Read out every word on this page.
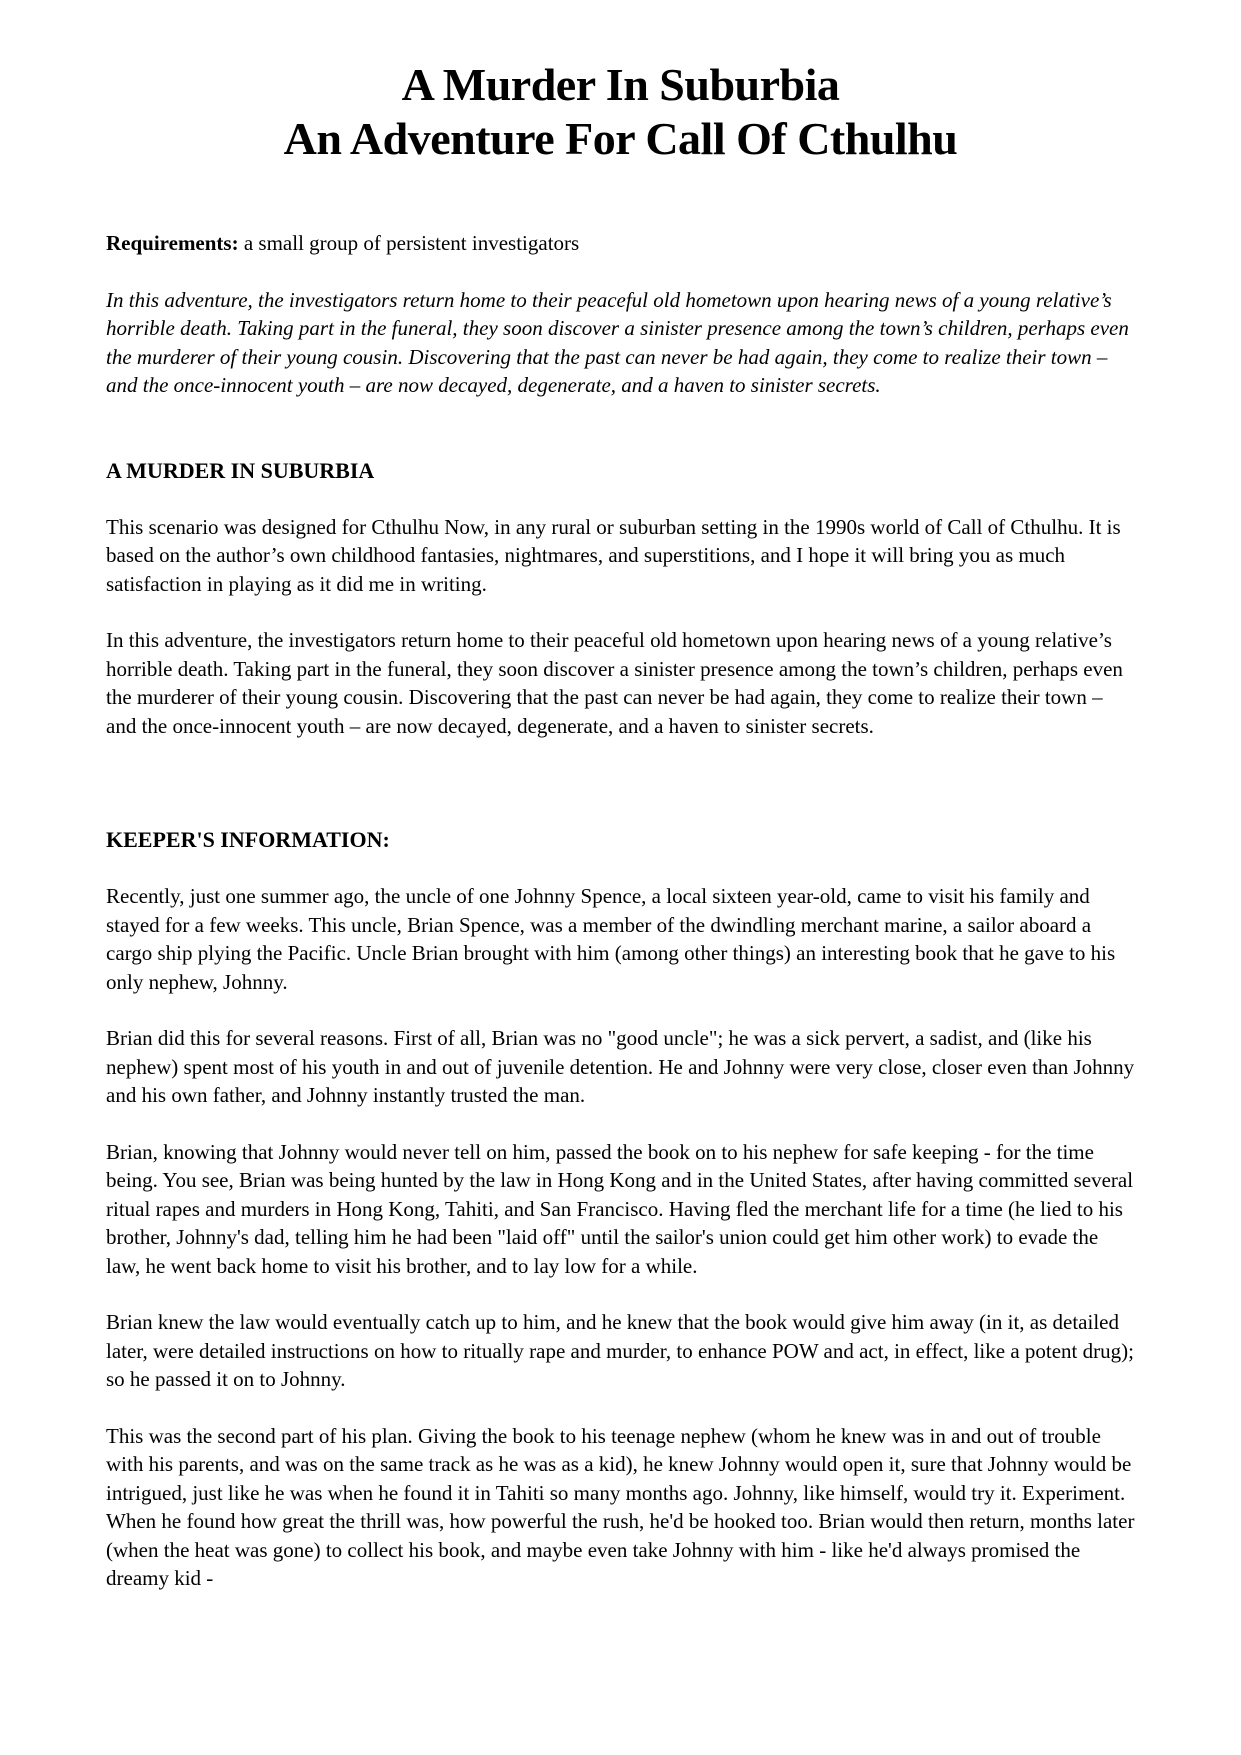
A Murder In Suburbia
An Adventure For Call Of Cthulhu

Requirements: a small group of persistent investigators

In this adventure, the investigators return home to their peaceful old hometown upon hearing news of a young relative’s horrible death. Taking part in the funeral, they soon discover a sinister presence among the town’s children, perhaps even the murderer of their young cousin. Discovering that the past can never be had again, they come to realize their town – and the once-innocent youth – are now decayed, degenerate, and a haven to sinister secrets.

A MURDER IN SUBURBIA

This scenario was designed for Cthulhu Now, in any rural or suburban setting in the 1990s world of Call of Cthulhu. It is based on the author’s own childhood fantasies, nightmares, and superstitions, and I hope it will bring you as much satisfaction in playing as it did me in writing.

In this adventure, the investigators return home to their peaceful old hometown upon hearing news of a young relative’s horrible death. Taking part in the funeral, they soon discover a sinister presence among the town’s children, perhaps even the murderer of their young cousin. Discovering that the past can never be had again, they come to realize their town – and the once-innocent youth – are now decayed, degenerate, and a haven to sinister secrets.

KEEPER'S INFORMATION:

Recently, just one summer ago, the uncle of one Johnny Spence, a local sixteen year-old, came to visit his family and stayed for a few weeks. This uncle, Brian Spence, was a member of the dwindling merchant marine, a sailor aboard a cargo ship plying the Pacific. Uncle Brian brought with him (among other things) an interesting book that he gave to his only nephew, Johnny.

Brian did this for several reasons. First of all, Brian was no "good uncle"; he was a sick pervert, a sadist, and (like his nephew) spent most of his youth in and out of juvenile detention. He and Johnny were very close, closer even than Johnny and his own father, and Johnny instantly trusted the man.

Brian, knowing that Johnny would never tell on him, passed the book on to his nephew for safe keeping - for the time being. You see, Brian was being hunted by the law in Hong Kong and in the United States, after having committed several ritual rapes and murders in Hong Kong, Tahiti, and San Francisco. Having fled the merchant life for a time (he lied to his brother, Johnny's dad, telling him he had been "laid off" until the sailor's union could get him other work) to evade the law, he went back home to visit his brother, and to lay low for a while.

Brian knew the law would eventually catch up to him, and he knew that the book would give him away (in it, as detailed later, were detailed instructions on how to ritually rape and murder, to enhance POW and act, in effect, like a potent drug); so he passed it on to Johnny.

This was the second part of his plan. Giving the book to his teenage nephew (whom he knew was in and out of trouble with his parents, and was on the same track as he was as a kid), he knew Johnny would open it, sure that Johnny would be intrigued, just like he was when he found it in Tahiti so many months ago. Johnny, like himself, would try it. Experiment. When he found how great the thrill was, how powerful the rush, he'd be hooked too. Brian would then return, months later (when the heat was gone) to collect his book, and maybe even take Johnny with him - like he'd always promised the dreamy kid -
